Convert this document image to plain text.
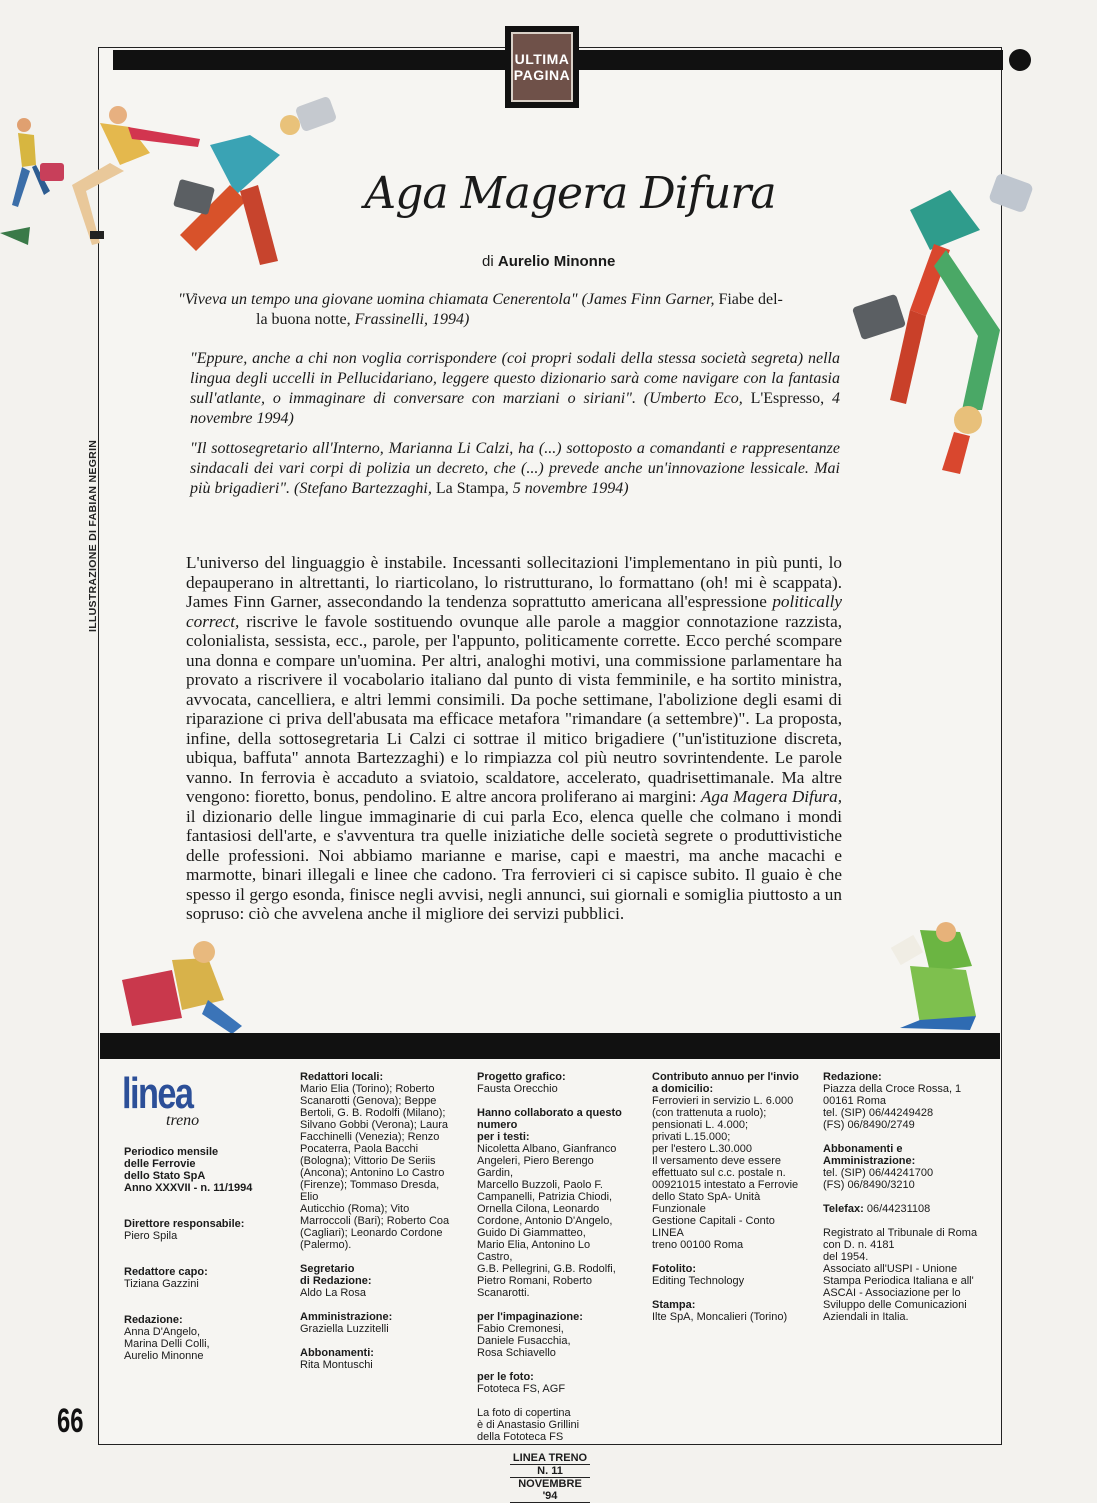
ULTIMA
PAGINA
ILLUSTRAZIONE DI FABIAN NEGRIN
Aga Magera Difura
di Aurelio Minonne
"Viveva un tempo una giovane uomina chiamata Cenerentola" (James Finn Garner, Fiabe del-
la buona notte, Frassinelli, 1994)
"Eppure, anche a chi non voglia corrispondere (coi propri sodali della stessa società segreta) nella lingua degli uccelli in Pellucidariano, leggere questo dizionario sarà come navigare con la fantasia sull'atlante, o immaginare di conversare con marziani o siriani". (Umberto Eco, L'Espresso, 4 novembre 1994)
"Il sottosegretario all'Interno, Marianna Li Calzi, ha (...) sottoposto a comandanti e rappresentanze sindacali dei vari corpi di polizia un decreto, che (...) prevede anche un'innovazione lessicale. Mai più brigadieri". (Stefano Bartezzaghi, La Stampa, 5 novembre 1994)

L'universo del linguaggio è instabile. Incessanti sollecitazioni l'implementano in più punti, lo depauperano in altrettanti, lo riarticolano, lo ristrutturano, lo formattano (oh! mi è scappata). James Finn Garner, assecondando la tendenza soprattutto americana all'espressione politically correct, riscrive le favole sostituendo ovunque alle parole a maggior connotazione razzista, colonialista, sessista, ecc., parole, per l'appunto, politicamente corrette. Ecco perché scompare una donna e compare un'uomina. Per altri, analoghi motivi, una commissione parlamentare ha provato a riscrivere il vocabolario italiano dal punto di vista femminile, e ha sortito ministra, avvocata, cancelliera, e altri lemmi consimili. Da poche settimane, l'abolizione degli esami di riparazione ci priva dell'abusata ma efficace metafora "rimandare (a settembre)". La proposta, infine, della sottosegretaria Li Calzi ci sottrae il mitico brigadiere ("un'istituzione discreta, ubiqua, baffuta" annota Bartezzaghi) e lo rimpiazza col più neutro sovrintendente. Le parole vanno. In ferrovia è accaduto a sviatoio, scaldatore, accelerato, quadrisettimanale. Ma altre vengono: fioretto, bonus, pendolino. E altre ancora proliferano ai margini: Aga Magera Difura, il dizionario delle lingue immaginarie di cui parla Eco, elenca quelle che colmano i mondi fantasiosi dell'arte, e s'avventura tra quelle iniziatiche delle società segrete o produttivistiche delle professioni. Noi abbiamo marianne e marise, capi e maestri, ma anche macachi e marmotte, binari illegali e linee che cadono. Tra ferrovieri ci si capisce subito. Il guaio è che spesso il gergo esonda, finisce negli avvisi, negli annunci, sui giornali e somiglia piuttosto a un sopruso: ciò che avvelena anche il migliore dei servizi pubblici.

linea
treno
Periodico mensile
delle Ferrovie
dello Stato SpA
Anno XXXVII - n. 11/1994
Direttore responsabile:
Piero Spila
Redattore capo:
Tiziana Gazzini
Redazione:
Anna D'Angelo,
Marina Delli Colli,
Aurelio Minonne
Redattori locali:
Mario Elia (Torino); Roberto
Scanarotti (Genova); Beppe
Bertoli, G. B. Rodolfi (Milano);
Silvano Gobbi (Verona); Laura
Facchinelli (Venezia); Renzo
Pocaterra, Paola Bacchi
(Bologna); Vittorio De Seriis
(Ancona); Antonino Lo Castro
(Firenze); Tommaso Dresda, Elio
Auticchio (Roma); Vito
Marroccoli (Bari); Roberto Coa
(Cagliari); Leonardo Cordone
(Palermo).
Segretario
di Redazione:
Aldo La Rosa
Amministrazione:
Graziella Luzzitelli
Abbonamenti:
Rita Montuschi
Progetto grafico:
Fausta Orecchio
Hanno collaborato a questo
numero
per i testi:
Nicoletta Albano, Gianfranco
Angeleri, Piero Berengo Gardin,
Marcello Buzzoli, Paolo F.
Campanelli, Patrizia Chiodi,
Ornella Cilona, Leonardo
Cordone, Antonio D'Angelo,
Guido Di Giammatteo,
Mario Elia, Antonino Lo Castro,
G.B. Pellegrini, G.B. Rodolfi,
Pietro Romani, Roberto Scanarotti.
per l'impaginazione:
Fabio Cremonesi,
Daniele Fusacchia,
Rosa Schiavello
per le foto:
Fototeca FS, AGF
La foto di copertina
è di Anastasio Grillini
della Fototeca FS
Contributo annuo per l'invio
a domicilio:
Ferrovieri in servizio L. 6.000
(con trattenuta a ruolo);
pensionati L. 4.000;
privati L.15.000;
per l'estero L.30.000
Il versamento deve essere
effettuato sul c.c. postale n.
00921015 intestato a Ferrovie
dello Stato SpA- Unità Funzionale
Gestione Capitali - Conto LINEA
treno 00100 Roma
Fotolito:
Editing Technology
Stampa:
Ilte SpA, Moncalieri (Torino)
Redazione:
Piazza della Croce Rossa, 1
00161 Roma
tel. (SIP) 06/44249428
(FS) 06/8490/2749
Abbonamenti e
Amministrazione:
tel. (SIP) 06/44241700
(FS) 06/8490/3210
Telefax: 06/44231108
Registrato al Tribunale di Roma
con D. n. 4181
del 1954.
Associato all'USPI - Unione
Stampa Periodica Italiana e all'
ASCAI - Associazione per lo
Sviluppo delle Comunicazioni
Aziendali in Italia.
66
LINEA TRENO
N. 11
NOVEMBRE '94
